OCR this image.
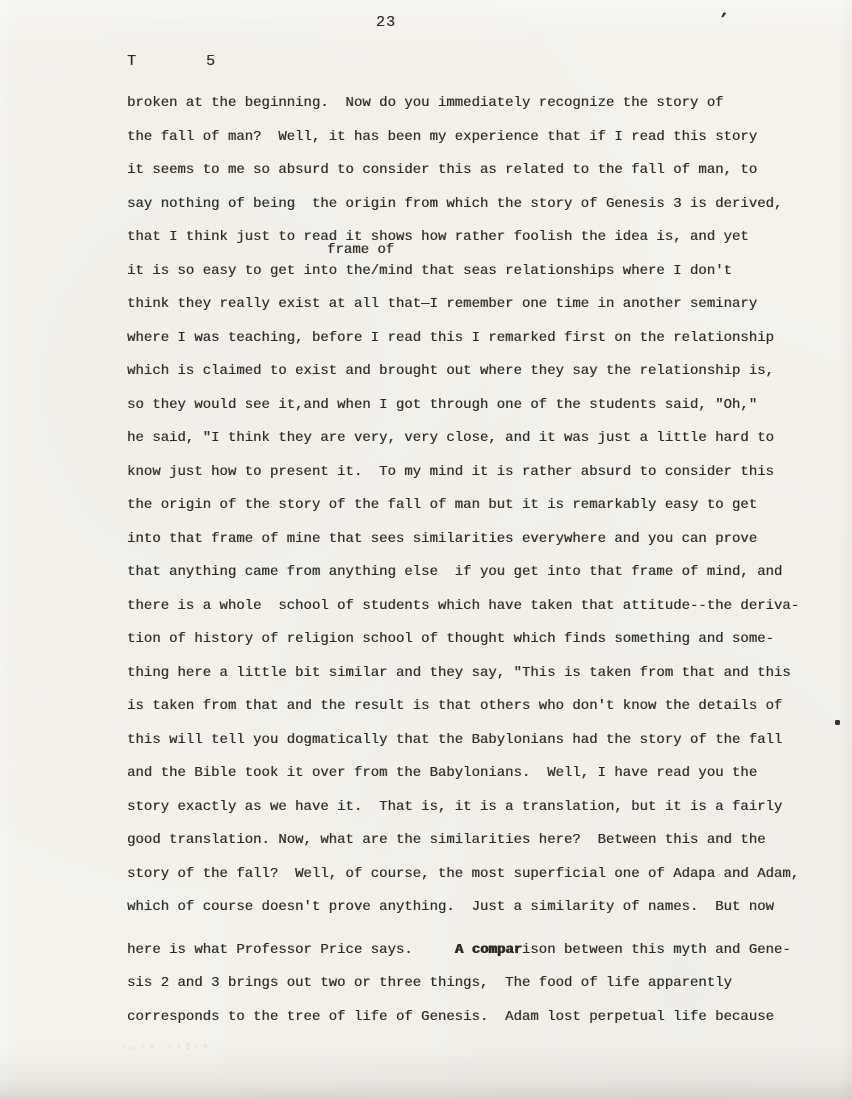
23
T	5
’
broken at the beginning.  Now do you immediately recognize the story of
the fall of man?  Well, it has been my experience that if I read this story
it seems to me so absurd to consider this as related to the fall of man, to
say nothing of being  the origin from which the story of Genesis 3 is derived,
that I think just to read it shows how rather foolish the idea is, and yet
frame of
it is so easy to get into the/mind that seas relationships where I don't
think they really exist at all that—I remember one time in another seminary
where I was teaching, before I read this I remarked first on the relationship
which is claimed to exist and brought out where they say the relationship is,
so they would see it,and when I got through one of the students said, "Oh,"
he said, "I think they are very, very close, and it was just a little hard to
know just how to present it.  To my mind it is rather absurd to consider this
the origin of the story of the fall of man but it is remarkably easy to get
into that frame of mine that sees similarities everywhere and you can prove
that anything came from anything else  if you get into that frame of mind, and
there is a whole  school of students which have taken that attitude--the deriva-
tion of history of religion school of thought which finds something and some-
thing here a little bit similar and they say, "This is taken from that and this
is taken from that and the result is that others who don't know the details of
this will tell you dogmatically that the Babylonians had the story of the fall
and the Bible took it over from the Babylonians.  Well, I have read you the
story exactly as we have it.  That is, it is a translation, but it is a fairly
good translation. Now, what are the similarities here?  Between this and the
story of the fall?  Well, of course, the most superficial one of Adapa and Adam,
which of course doesn't prove anything.  Just a similarity of names.  But now
here is what Professor Price says.     A comparison between this myth and Gene-
sis 2 and 3 brings out two or three things,  The food of life apparently
corresponds to the tree of life of Genesis.  Adam lost perpetual life because
·‥·· ··:·-
